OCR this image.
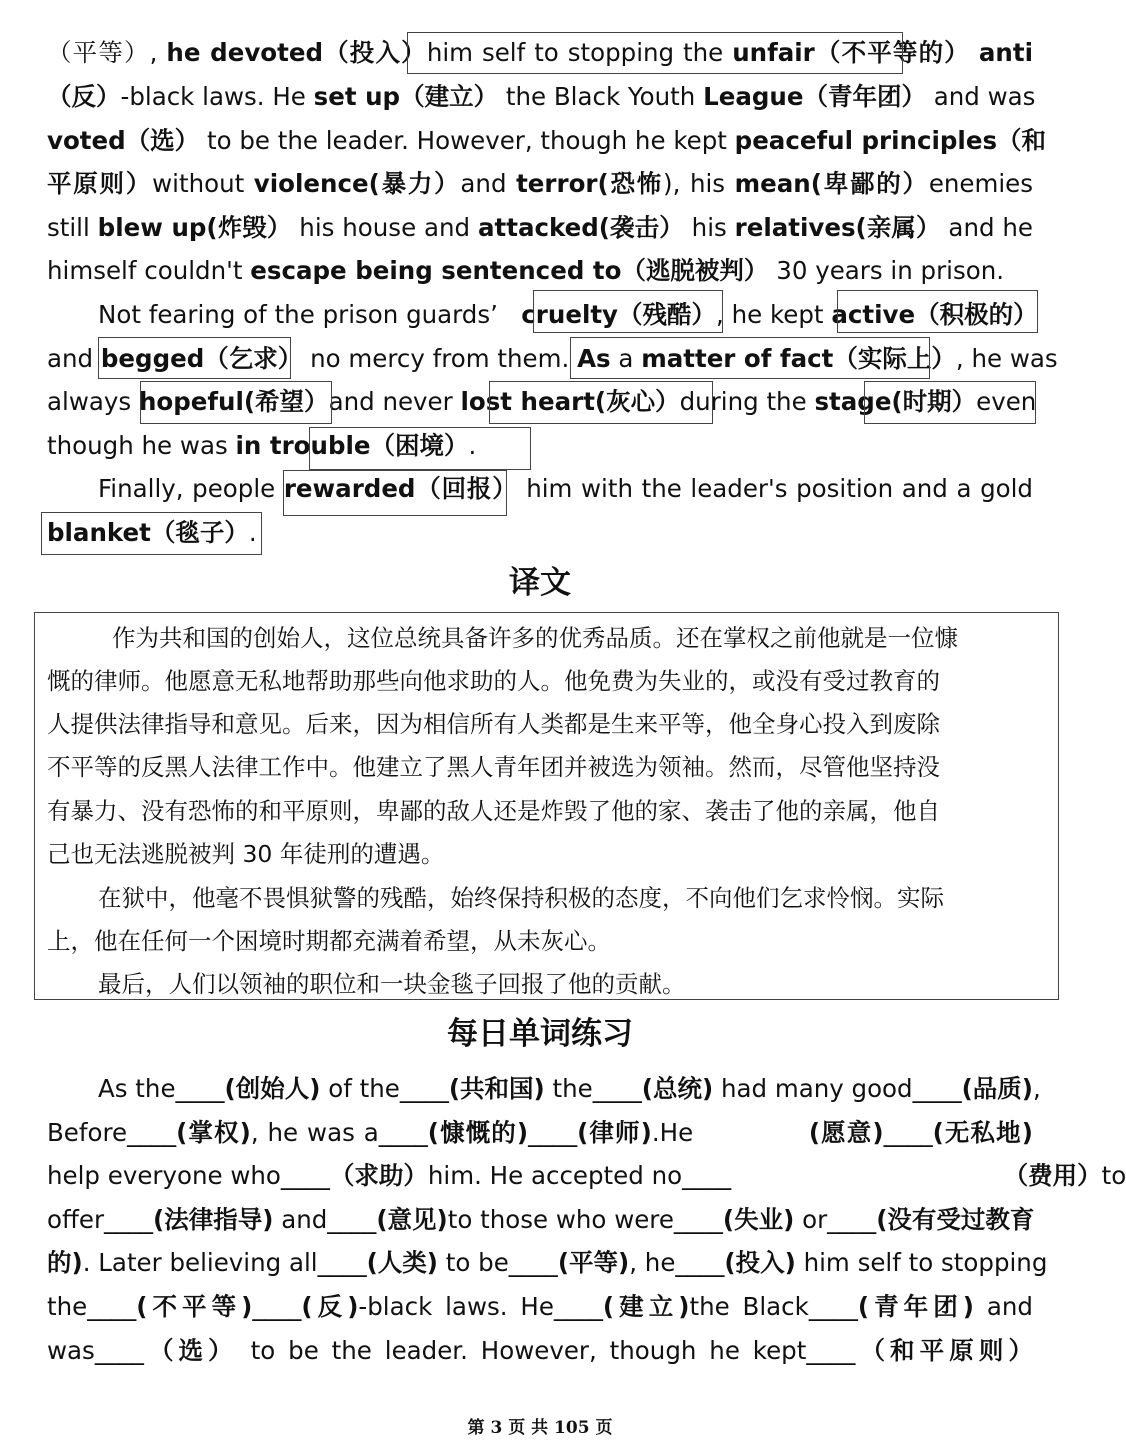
（平等）, he devoted（投入）him self to stopping the unfair（不平等的） anti
（反）-black laws. He set up（建立） the Black Youth League（青年团） and was
voted（选） to be the leader. However, though he kept peaceful principles（和
平原则）without violence(暴力）and terror(恐怖), his mean(卑鄙的）enemies
still blew up(炸毁） his house and attacked(袭击） his relatives(亲属） and he
himself couldn't escape being sentenced to（逃脱被判） 30 years in prison.
Not fearing of the prison guards’   cruelty（残酷）, he kept active（积极的）
and begged（乞求） no mercy from them. As a matter of fact（实际上）, he was
always hopeful(希望）and never lost heart(灰心）during the stage(时期）even
though he was in trouble（困境）.
Finally, people rewarded（回报） him with the leader's position and a gold
blanket（毯子）.
译文
作为共和国的创始人，这位总统具备许多的优秀品质。还在掌权之前他就是一位慷
慨的律师。他愿意无私地帮助那些向他求助的人。他免费为失业的，或没有受过教育的
人提供法律指导和意见。后来，因为相信所有人类都是生来平等，他全身心投入到废除
不平等的反黑人法律工作中。他建立了黑人青年团并被选为领袖。然而，尽管他坚持没
有暴力、没有恐怖的和平原则，卑鄙的敌人还是炸毁了他的家、袭击了他的亲属，他自
己也无法逃脱被判 30 年徒刑的遭遇。
在狱中，他毫不畏惧狱警的残酷，始终保持积极的态度，不向他们乞求怜悯。实际
上，他在任何一个困境时期都充满着希望，从未灰心。
最后，人们以领袖的职位和一块金毯子回报了他的贡献。
每日单词练习
As the____(创始人) of the____(共和国) the____(总统) had many good____(品质),
Before____(掌权), he was a____(慷慨的)____(律师).He             (愿意)____(无私地)
help everyone who____（求助）him. He accepted no____                                   （费用）to
offer____(法律指导) and____(意见)to those who were____(失业) or____(没有受过教育
的). Later believing all____(人类) to be____(平等), he____(投入) him self to stopping
the____(不平等)____(反)-black laws. He____(建立)the Black____(青年团) and
was____（选） to be the leader. However, though he kept____（和平原则）
第 3 页 共 105 页
